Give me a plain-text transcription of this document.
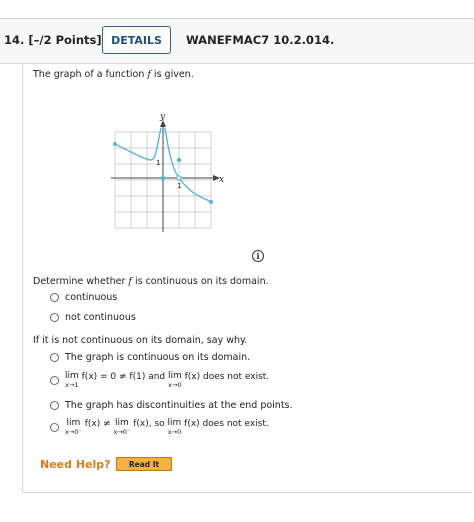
14. [–/2 Points] DETAILS	WANEFMAC7 10.2.014.
The graph of a function f is given.
x
y
1
1
i
Determine whether f is continuous on its domain.
continuous
not continuous
If it is not continuous on its domain, say why.
The graph is continuous on its domain.
lim
x→1
f(x) = 0 ≠ f(1) and lim
x→0
f(x) does not exist.
The graph has discontinuities at the end points.
lim
x→0⁻
f(x) ≠ lim
x→0⁻
f(x), so lim
x→0
f(x) does not exist.
Need Help?	Read It
